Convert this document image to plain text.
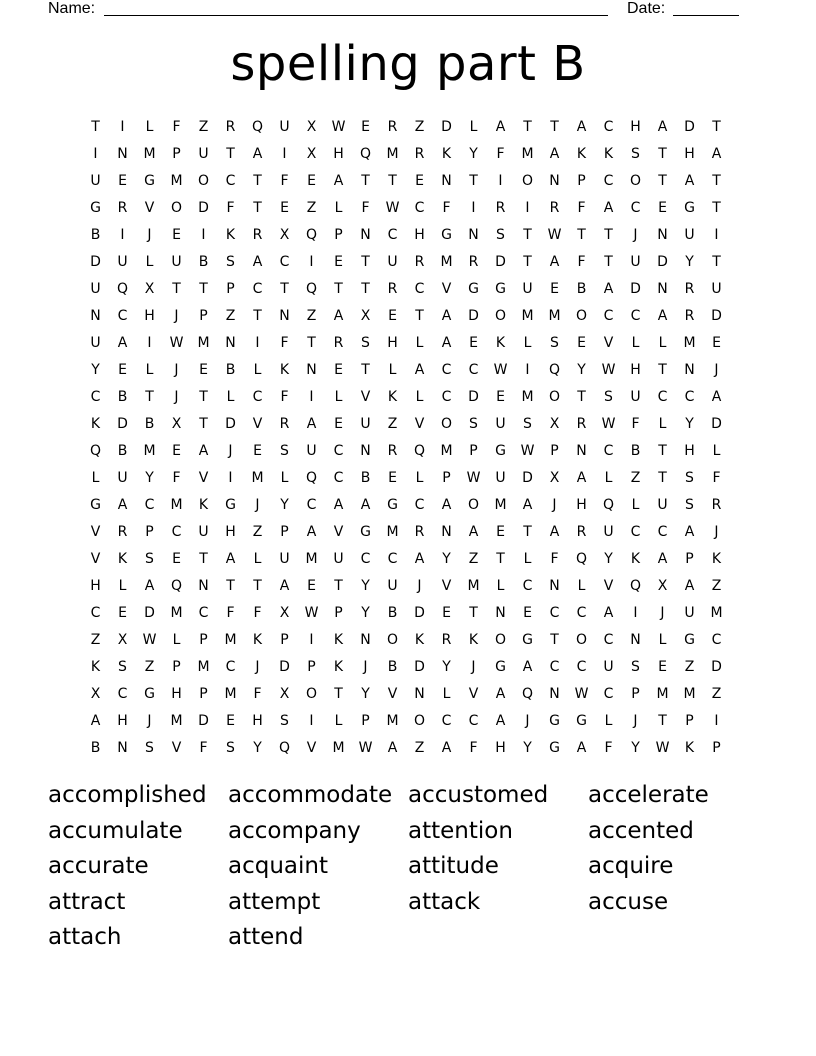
Name:	Date:
spelling part B
T	I	L	F	Z	R	Q	U	X	W	E	R	Z	D	L	A	T	T	A	C	H	A	D	T
I	N	M	P	U	T	A	I	X	H	Q	M	R	K	Y	F	M	A	K	K	S	T	H	A
U	E	G	M	O	C	T	F	E	A	T	T	E	N	T	I	O	N	P	C	O	T	A	T
G	R	V	O	D	F	T	E	Z	L	F	W	C	F	I	R	I	R	F	A	C	E	G	T
B	I	J	E	I	K	R	X	Q	P	N	C	H	G	N	S	T	W	T	T	J	N	U	I
D	U	L	U	B	S	A	C	I	E	T	U	R	M	R	D	T	A	F	T	U	D	Y	T
U	Q	X	T	T	P	C	T	Q	T	T	R	C	V	G	G	U	E	B	A	D	N	R	U
N	C	H	J	P	Z	T	N	Z	A	X	E	T	A	D	O	M	M	O	C	C	A	R	D
U	A	I	W	M	N	I	F	T	R	S	H	L	A	E	K	L	S	E	V	L	L	M	E
Y	E	L	J	E	B	L	K	N	E	T	L	A	C	C	W	I	Q	Y	W	H	T	N	J
C	B	T	J	T	L	C	F	I	L	V	K	L	C	D	E	M	O	T	S	U	C	C	A
K	D	B	X	T	D	V	R	A	E	U	Z	V	O	S	U	S	X	R	W	F	L	Y	D
Q	B	M	E	A	J	E	S	U	C	N	R	Q	M	P	G	W	P	N	C	B	T	H	L
L	U	Y	F	V	I	M	L	Q	C	B	E	L	P	W	U	D	X	A	L	Z	T	S	F
G	A	C	M	K	G	J	Y	C	A	A	G	C	A	O	M	A	J	H	Q	L	U	S	R
V	R	P	C	U	H	Z	P	A	V	G	M	R	N	A	E	T	A	R	U	C	C	A	J
V	K	S	E	T	A	L	U	M	U	C	C	A	Y	Z	T	L	F	Q	Y	K	A	P	K
H	L	A	Q	N	T	T	A	E	T	Y	U	J	V	M	L	C	N	L	V	Q	X	A	Z
C	E	D	M	C	F	F	X	W	P	Y	B	D	E	T	N	E	C	C	A	I	J	U	M
Z	X	W	L	P	M	K	P	I	K	N	O	K	R	K	O	G	T	O	C	N	L	G	C
K	S	Z	P	M	C	J	D	P	K	J	B	D	Y	J	G	A	C	C	U	S	E	Z	D
X	C	G	H	P	M	F	X	O	T	Y	V	N	L	V	A	Q	N	W	C	P	M	M	Z
A	H	J	M	D	E	H	S	I	L	P	M	O	C	C	A	J	G	G	L	J	T	P	I
B	N	S	V	F	S	Y	Q	V	M	W	A	Z	A	F	H	Y	G	A	F	Y	W	K	P
accomplished accommodate accustomed	accelerate
accumulate	accompany	attention	accented
accurate	acquaint	attitude	acquire
attract	attempt	attack	accuse
attach	attend
